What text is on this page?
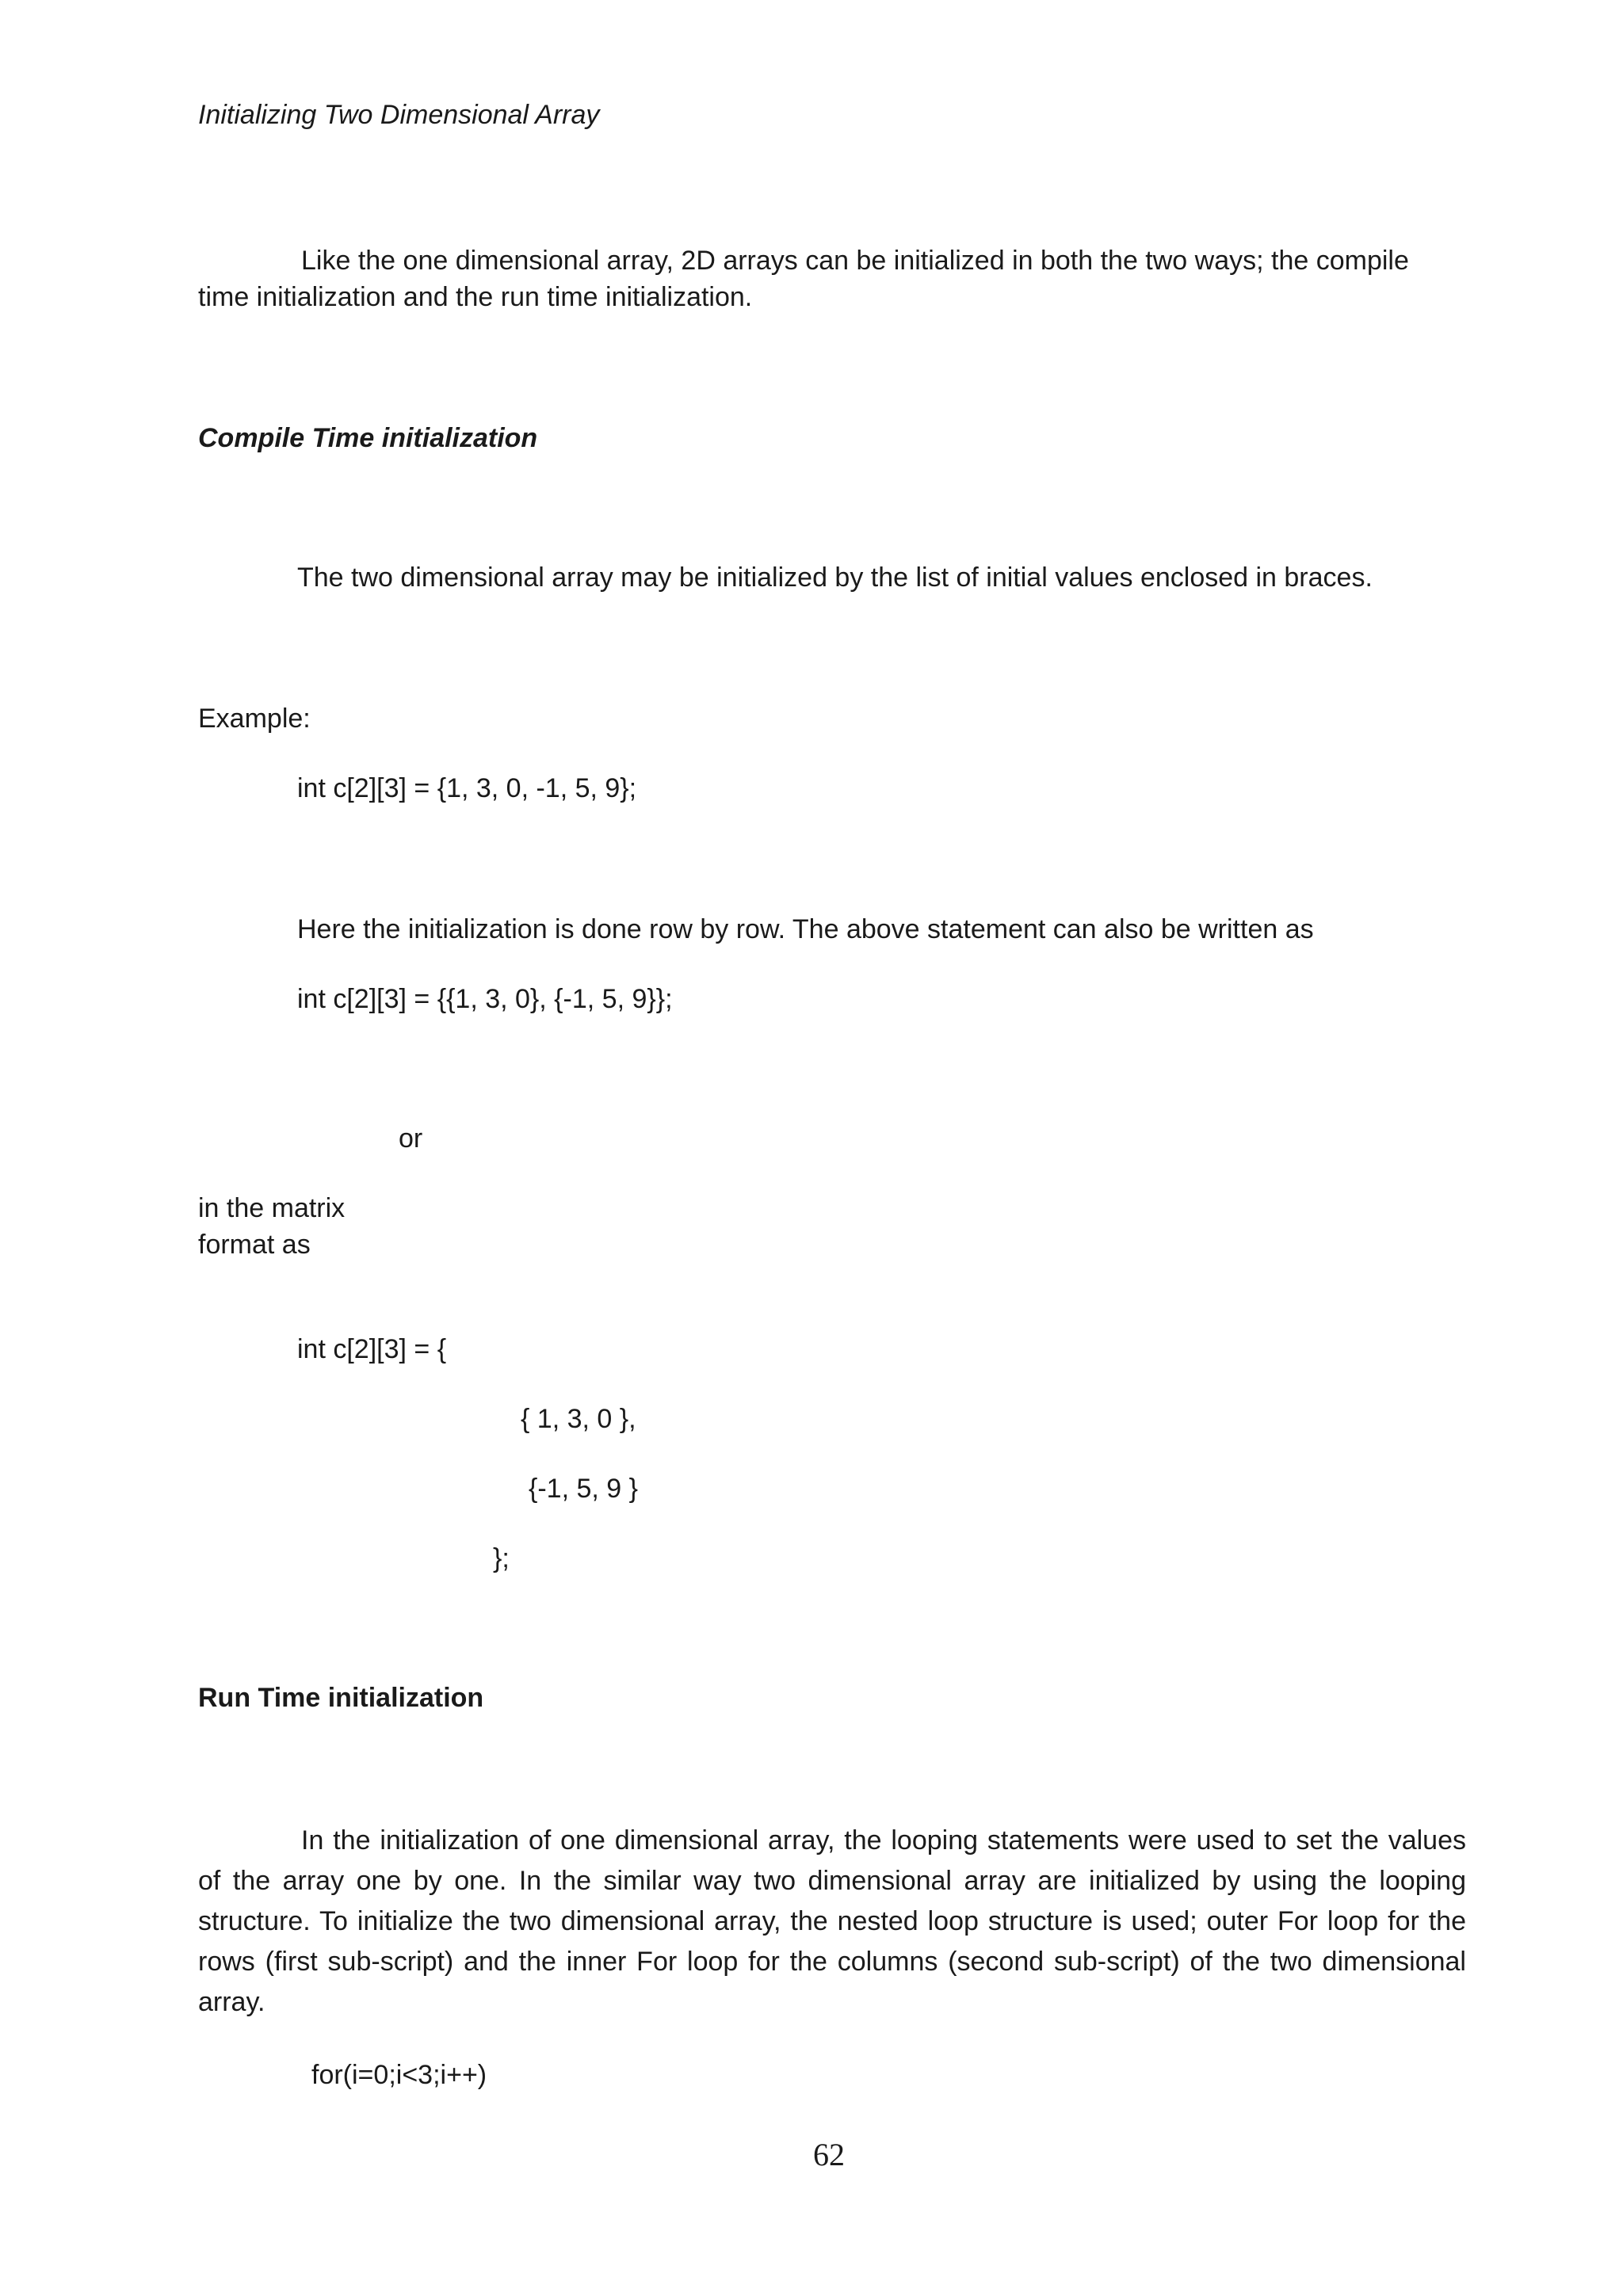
Initializing Two Dimensional Array

Like the one dimensional array, 2D arrays can be initialized in both the two ways; the compile time initialization and the run time initialization.

Compile Time initialization
The two dimensional array may be initialized by the list of initial values enclosed in braces.
Example:
int c[2][3] = {1, 3, 0, -1, 5, 9};
Here the initialization is done row by row. The above statement can also be written as
int c[2][3] = {{1, 3, 0}, {-1, 5, 9}};
or
in the matrix
format as
int c[2][3] = {
{ 1, 3, 0 },
{-1, 5, 9 }
};
Run Time initialization

In the initialization of one dimensional array, the looping statements were used to set the values of the array one by one. In the similar way two dimensional array are initialized by using the looping structure. To initialize the two dimensional array, the nested loop structure is used; outer For loop for the rows (first sub-script) and the inner For loop for the columns (second sub-script) of the two dimensional array.

for(i=0;i<3;i++)
62
